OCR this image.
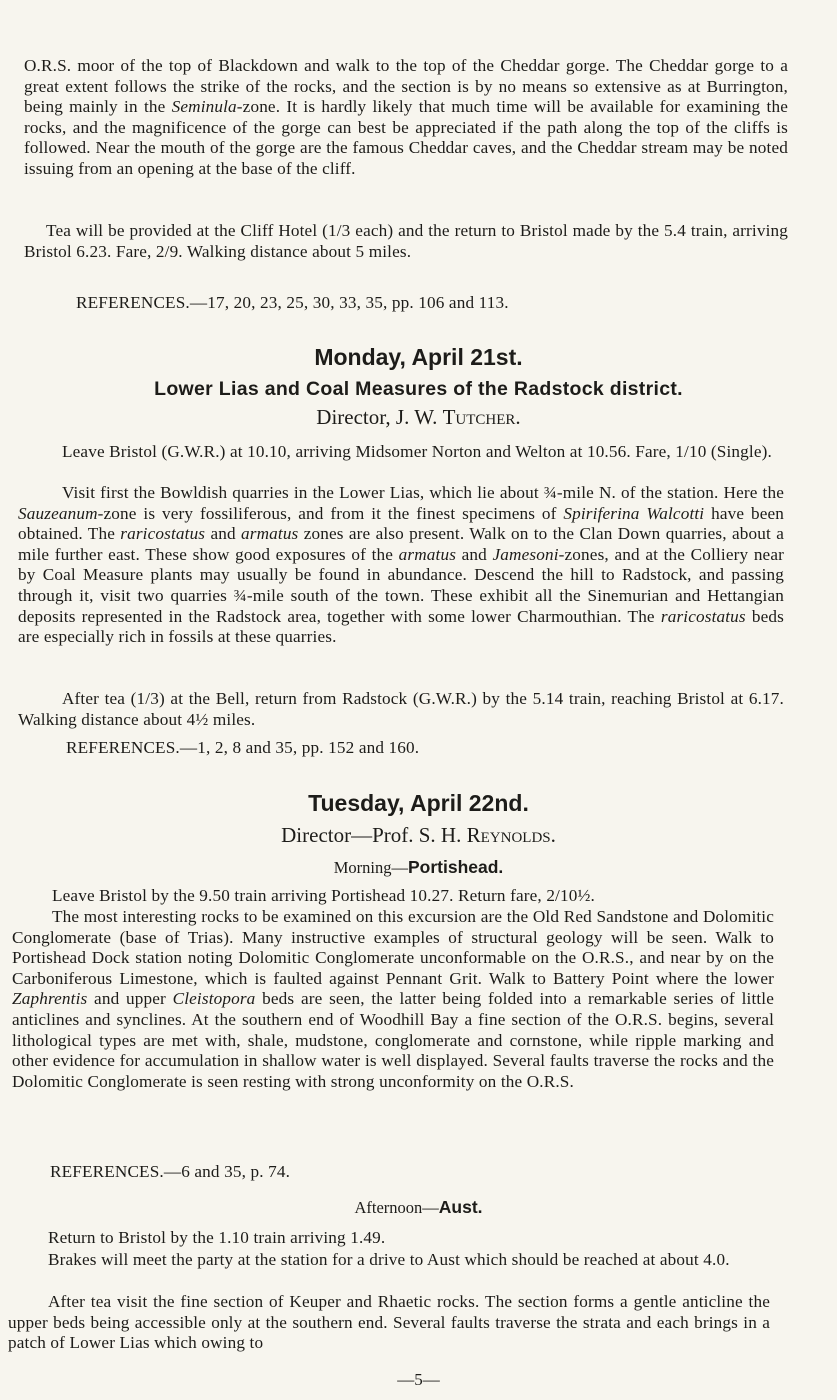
O.R.S. moor of the top of Blackdown and walk to the top of the Cheddar gorge. The Cheddar gorge to a great extent follows the strike of the rocks, and the section is by no means so extensive as at Burrington, being mainly in the Seminula-zone. It is hardly likely that much time will be available for examining the rocks, and the magnificence of the gorge can best be appreciated if the path along the top of the cliffs is followed. Near the mouth of the gorge are the famous Cheddar caves, and the Cheddar stream may be noted issuing from an opening at the base of the cliff.

Tea will be provided at the Cliff Hotel (1/3 each) and the return to Bristol made by the 5.4 train, arriving Bristol 6.23. Fare, 2/9. Walking distance about 5 miles.

REFERENCES.—17, 20, 23, 25, 30, 33, 35, pp. 106 and 113.

Monday, April 21st.
Lower Lias and Coal Measures of the Radstock district.

Director, J. W. Tutcher.

Leave Bristol (G.W.R.) at 10.10, arriving Midsomer Norton and Welton at 10.56. Fare, 1/10 (Single).

Visit first the Bowldish quarries in the Lower Lias, which lie about ¾-mile N. of the station. Here the Sauzeanum-zone is very fossiliferous, and from it the finest specimens of Spiriferina Walcotti have been obtained. The raricostatus and armatus zones are also present. Walk on to the Clan Down quarries, about a mile further east. These show good exposures of the armatus and Jamesoni-zones, and at the Colliery near by Coal Measure plants may usually be found in abundance. Descend the hill to Radstock, and passing through it, visit two quarries ¾-mile south of the town. These exhibit all the Sinemurian and Hettangian deposits represented in the Radstock area, together with some lower Charmouthian. The raricostatus beds are especially rich in fossils at these quarries.

After tea (1/3) at the Bell, return from Radstock (G.W.R.) by the 5.14 train, reaching Bristol at 6.17. Walking distance about 4½ miles.

REFERENCES.—1, 2, 8 and 35, pp. 152 and 160.

Tuesday, April 22nd.

Director—Prof. S. H. Reynolds.

Morning—Portishead.

Leave Bristol by the 9.50 train arriving Portishead 10.27. Return fare, 2/10½.

The most interesting rocks to be examined on this excursion are the Old Red Sandstone and Dolomitic Conglomerate (base of Trias). Many instructive examples of structural geology will be seen. Walk to Portishead Dock station noting Dolomitic Conglomerate unconformable on the O.R.S., and near by on the Carboniferous Limestone, which is faulted against Pennant Grit. Walk to Battery Point where the lower Zaphrentis and upper Cleistopora beds are seen, the latter being folded into a remarkable series of little anticlines and synclines. At the southern end of Woodhill Bay a fine section of the O.R.S. begins, several lithological types are met with, shale, mudstone, conglomerate and cornstone, while ripple marking and other evidence for accumulation in shallow water is well displayed. Several faults traverse the rocks and the Dolomitic Conglomerate is seen resting with strong unconformity on the O.R.S.

REFERENCES.—6 and 35, p. 74.

Afternoon—Aust.

Return to Bristol by the 1.10 train arriving 1.49.

Brakes will meet the party at the station for a drive to Aust which should be reached at about 4.0.

After tea visit the fine section of Keuper and Rhaetic rocks. The section forms a gentle anticline the upper beds being accessible only at the southern end. Several faults traverse the strata and each brings in a patch of Lower Lias which owing to

—5—
